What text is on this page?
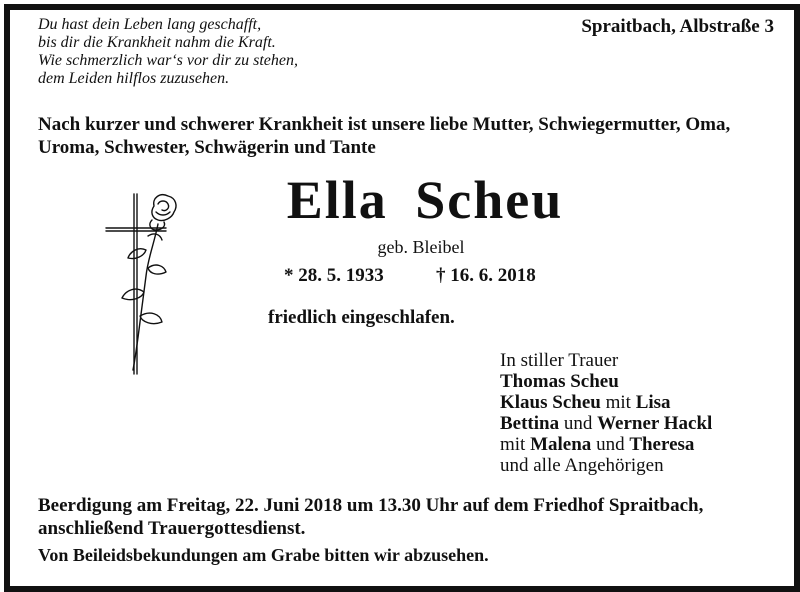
Du hast dein Leben lang geschafft,
bis dir die Krankheit nahm die Kraft.
Wie schmerzlich war‘s vor dir zu stehen,
dem Leiden hilflos zuzusehen.
Spraitbach, Albstraße 3
Nach kurzer und schwerer Krankheit ist unsere liebe Mutter, Schwiegermutter, Oma, Uroma, Schwester, Schwägerin und Tante
Ella Scheu
geb. Bleibel
* 28. 5. 1933	† 16. 6. 2018
friedlich eingeschlafen.
In stiller Trauer
Thomas Scheu
Klaus Scheu mit Lisa
Bettina und Werner Hackl
mit Malena und Theresa
und alle Angehörigen
Beerdigung am Freitag, 22. Juni 2018 um 13.30 Uhr auf dem Friedhof Spraitbach,
anschließend Trauergottesdienst.
Von Beileidsbekundungen am Grabe bitten wir abzusehen.
